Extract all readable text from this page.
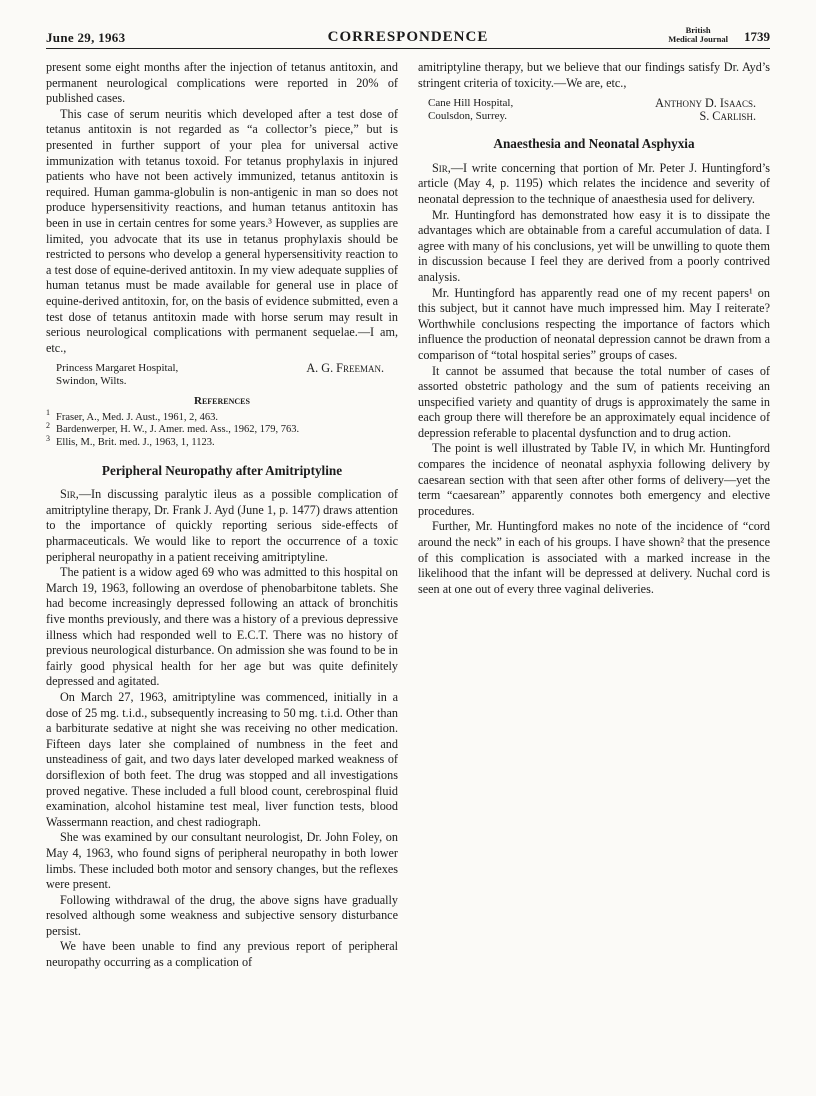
June 29, 1963	CORRESPONDENCE	British
Medical Journal 1739

present some eight months after the injection of tetanus antitoxin, and permanent neurological complications were reported in 20% of published cases.

This case of serum neuritis which developed after a test dose of tetanus antitoxin is not regarded as “a collector’s piece,” but is presented in further support of your plea for universal active immunization with tetanus toxoid. For tetanus prophylaxis in injured patients who have not been actively immunized, tetanus antitoxin is required. Human gamma-globulin is non-antigenic in man so does not produce hypersensitivity reactions, and human tetanus antitoxin has been in use in certain centres for some years.³ However, as supplies are limited, you advocate that its use in tetanus prophylaxis should be restricted to persons who develop a general hypersensitivity reaction to a test dose of equine-derived antitoxin. In my view adequate supplies of human tetanus must be made available for general use in place of equine-derived antitoxin, for, on the basis of evidence submitted, even a test dose of tetanus antitoxin made with horse serum may result in serious neurological complications with permanent sequelae.—I am, etc.,

Princess Margaret Hospital,
Swindon, Wilts.
A. G. Freeman.
References

$^1$ Fraser, A., Med. J. Aust., 1961, 2, 463.

$^2$ Bardenwerper, H. W., J. Amer. med. Ass., 1962, 179, 763.

$^3$ Ellis, M., Brit. med. J., 1963, 1, 1123.

Peripheral Neuropathy after Amitriptyline

Sir,—In discussing paralytic ileus as a possible complication of amitriptyline therapy, Dr. Frank J. Ayd (June 1, p. 1477) draws attention to the importance of quickly reporting serious side-effects of pharmaceuticals. We would like to report the occurrence of a toxic peripheral neuropathy in a patient receiving amitriptyline.

The patient is a widow aged 69 who was admitted to this hospital on March 19, 1963, following an overdose of phenobarbitone tablets. She had become increasingly depressed following an attack of bronchitis five months previously, and there was a history of a previous depressive illness which had responded well to E.C.T. There was no history of previous neurological disturbance. On admission she was found to be in fairly good physical health for her age but was quite definitely depressed and agitated.

On March 27, 1963, amitriptyline was commenced, initially in a dose of 25 mg. t.i.d., subsequently increasing to 50 mg. t.i.d. Other than a barbiturate sedative at night she was receiving no other medication. Fifteen days later she complained of numbness in the feet and unsteadiness of gait, and two days later developed marked weakness of dorsiflexion of both feet. The drug was stopped and all investigations proved negative. These included a full blood count, cerebrospinal fluid examination, alcohol histamine test meal, liver function tests, blood Wassermann reaction, and chest radiograph.

She was examined by our consultant neurologist, Dr. John Foley, on May 4, 1963, who found signs of peripheral neuropathy in both lower limbs. These included both motor and sensory changes, but the reflexes were present.

Following withdrawal of the drug, the above signs have gradually resolved although some weakness and subjective sensory disturbance persist.

We have been unable to find any previous report of peripheral neuropathy occurring as a complication of

amitriptyline therapy, but we believe that our findings satisfy Dr. Ayd’s stringent criteria of toxicity.—We are, etc.,

Cane Hill Hospital,
Coulsdon, Surrey.
Anthony D. Isaacs.
S. Carlish.
Anaesthesia and Neonatal Asphyxia

Sir,—I write concerning that portion of Mr. Peter J. Huntingford’s article (May 4, p. 1195) which relates the incidence and severity of neonatal depression to the technique of anaesthesia used for delivery.

Mr. Huntingford has demonstrated how easy it is to dissipate the advantages which are obtainable from a careful accumulation of data. I agree with many of his conclusions, yet will be unwilling to quote them in discussion because I feel they are derived from a poorly contrived analysis.

Mr. Huntingford has apparently read one of my recent papers¹ on this subject, but it cannot have much impressed him. May I reiterate? Worthwhile conclusions respecting the importance of factors which influence the production of neonatal depression cannot be drawn from a comparison of “total hospital series” groups of cases.

It cannot be assumed that because the total number of cases of assorted obstetric pathology and the sum of patients receiving an unspecified variety and quantity of drugs is approximately the same in each group there will therefore be an approximately equal incidence of depression referable to placental dysfunction and to drug action.

The point is well illustrated by Table IV, in which Mr. Huntingford compares the incidence of neonatal asphyxia following delivery by caesarean section with that seen after other forms of delivery—yet the term “caesarean” apparently connotes both emergency and elective procedures.

Further, Mr. Huntingford makes no note of the incidence of “cord around the neck” in each of his groups. I have shown² that the presence of this complication is associated with a marked increase in the likelihood that the infant will be depressed at delivery. Nuchal cord is seen at one out of every three vaginal deliveries.
